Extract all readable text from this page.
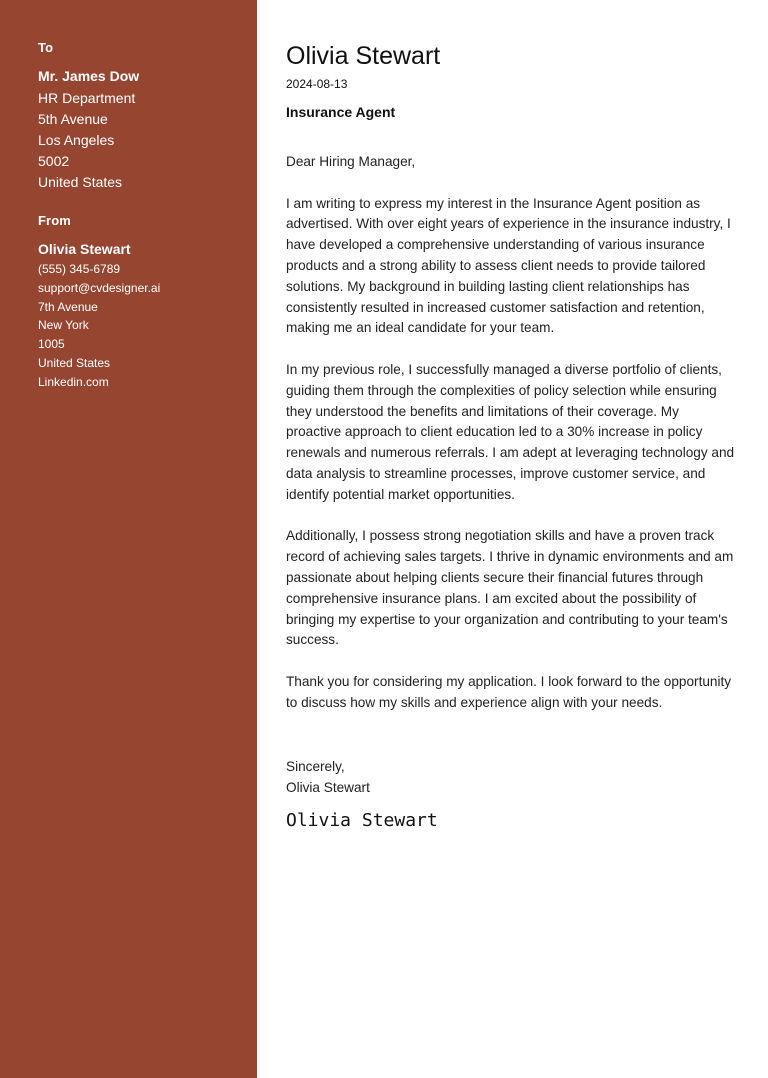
To
Mr. James Dow
HR Department
5th Avenue
Los Angeles
5002
United States
From
Olivia Stewart
(555) 345-6789
support@cvdesigner.ai
7th Avenue
New York
1005
United States
Linkedin.com
Olivia Stewart
2024-08-13
Insurance Agent

Dear Hiring Manager,

I am writing to express my interest in the Insurance Agent position as advertised. With over eight years of experience in the insurance industry, I have developed a comprehensive understanding of various insurance products and a strong ability to assess client needs to provide tailored solutions. My background in building lasting client relationships has consistently resulted in increased customer satisfaction and retention, making me an ideal candidate for your team.

In my previous role, I successfully managed a diverse portfolio of clients, guiding them through the complexities of policy selection while ensuring they understood the benefits and limitations of their coverage. My proactive approach to client education led to a 30% increase in policy renewals and numerous referrals. I am adept at leveraging technology and data analysis to streamline processes, improve customer service, and identify potential market opportunities.

Additionally, I possess strong negotiation skills and have a proven track record of achieving sales targets. I thrive in dynamic environments and am passionate about helping clients secure their financial futures through comprehensive insurance plans. I am excited about the possibility of bringing my expertise to your organization and contributing to your team's success.

Thank you for considering my application. I look forward to the opportunity to discuss how my skills and experience align with your needs.

Sincerely,
Olivia Stewart
Olivia Stewart
